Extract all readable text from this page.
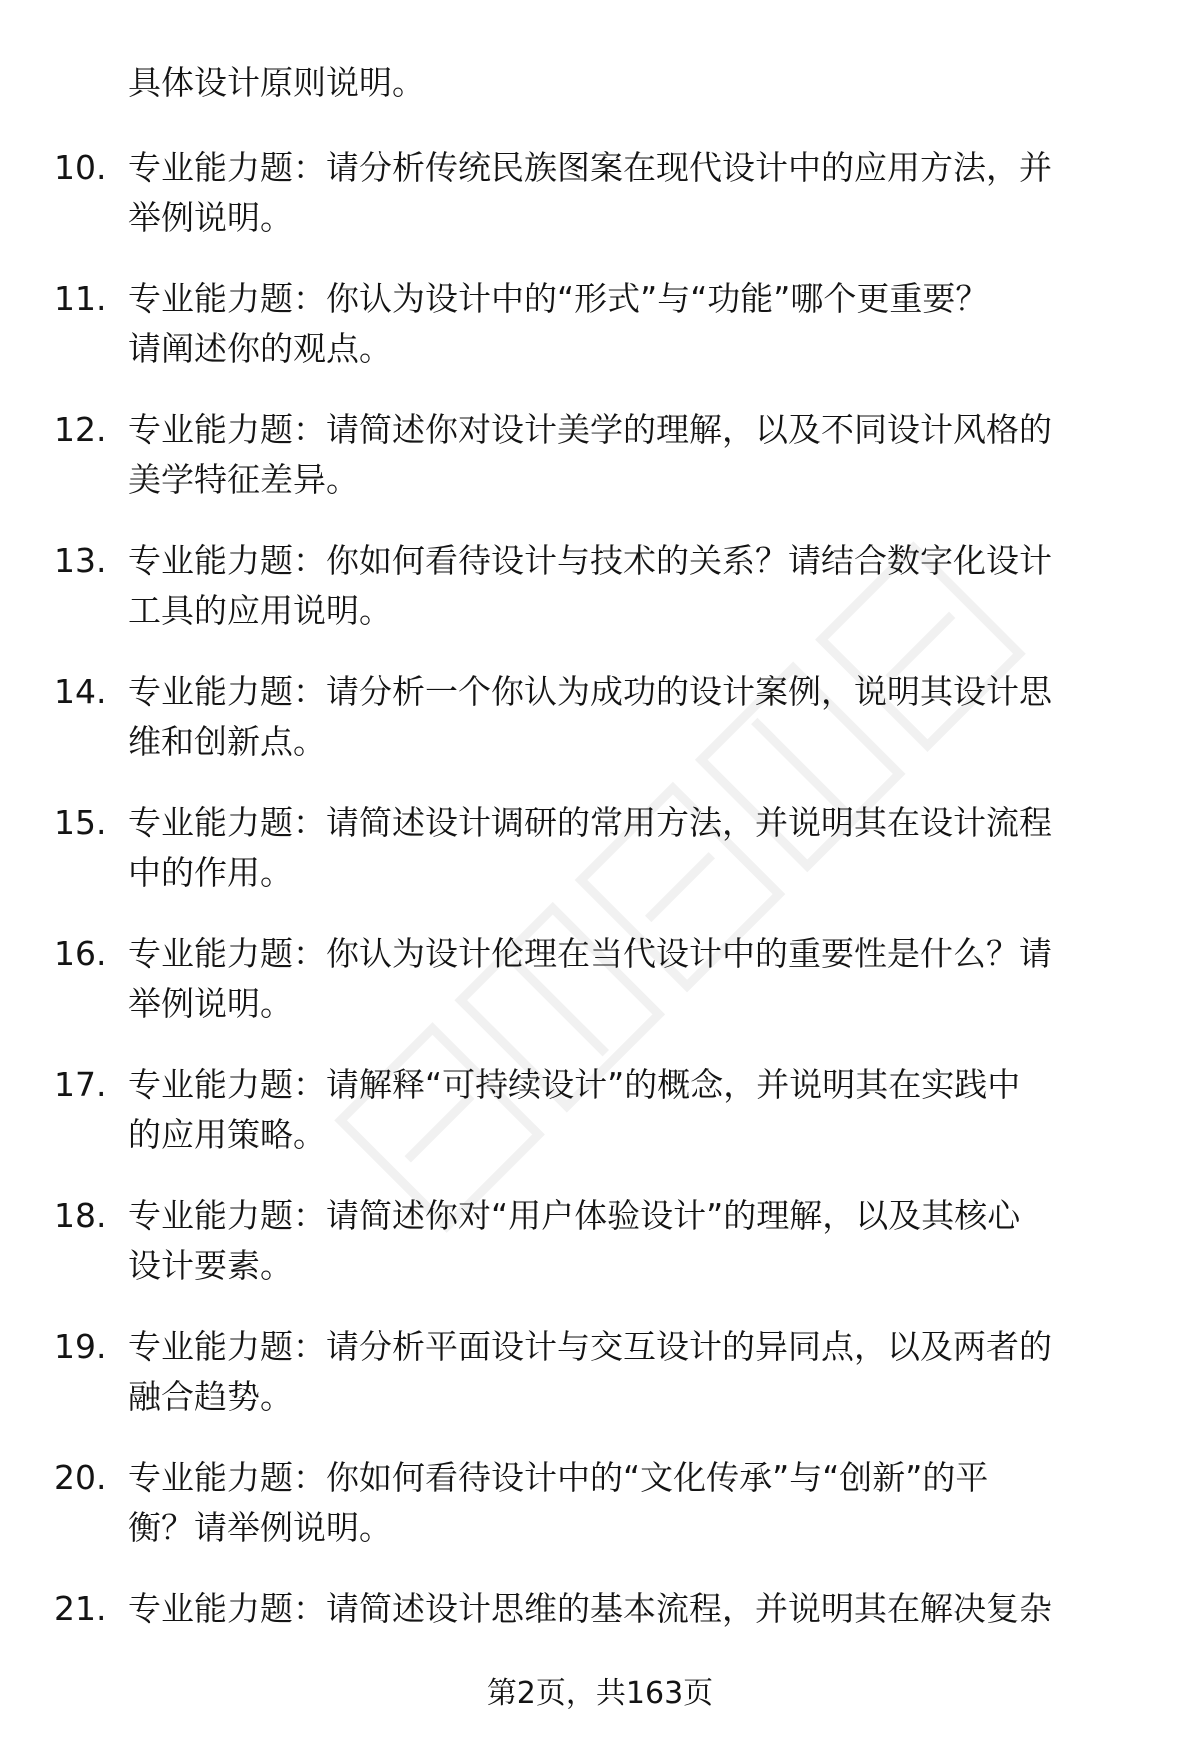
具体设计原则说明。
10. 专业能力题：请分析传统民族图案在现代设计中的应用方法，并
举例说明。
11. 专业能力题：你认为设计中的“形式”与“功能”哪个更重要？
请阐述你的观点。
12. 专业能力题：请简述你对设计美学的理解，以及不同设计风格的
美学特征差异。
13. 专业能力题：你如何看待设计与技术的关系？请结合数字化设计
工具的应用说明。
14. 专业能力题：请分析一个你认为成功的设计案例，说明其设计思
维和创新点。
15. 专业能力题：请简述设计调研的常用方法，并说明其在设计流程
中的作用。
16. 专业能力题：你认为设计伦理在当代设计中的重要性是什么？请
举例说明。
17. 专业能力题：请解释“可持续设计”的概念，并说明其在实践中
的应用策略。
18. 专业能力题：请简述你对“用户体验设计”的理解，以及其核心
设计要素。
19. 专业能力题：请分析平面设计与交互设计的异同点，以及两者的
融合趋势。
20. 专业能力题：你如何看待设计中的“文化传承”与“创新”的平
衡？请举例说明。
21. 专业能力题：请简述设计思维的基本流程，并说明其在解决复杂
第2页，共163页
